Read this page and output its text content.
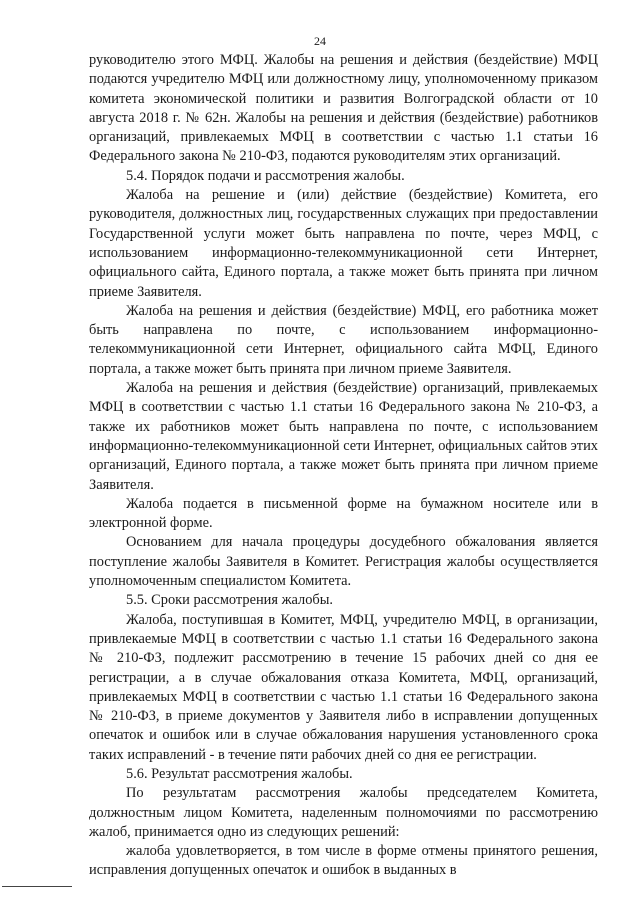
24

руководителю этого МФЦ. Жалобы на решения и действия (бездействие) МФЦ подаются учредителю МФЦ или должностному лицу, уполномоченному приказом комитета экономической политики и развития Волгоградской области от 10 августа 2018 г. № 62н. Жалобы на решения и действия (бездействие) работников организаций, привлекаемых МФЦ в соответствии с частью 1.1 статьи 16 Федерального закона № 210-ФЗ, подаются руководителям этих организаций.

5.4. Порядок подачи и рассмотрения жалобы.

Жалоба на решение и (или) действие (бездействие) Комитета, его руководителя, должностных лиц, государственных служащих при предоставлении Государственной услуги может быть направлена по почте, через МФЦ, с использованием информационно-телекоммуникационной сети Интернет, официального сайта, Единого портала, а также может быть принята при личном приеме Заявителя.

Жалоба на решения и действия (бездействие) МФЦ, его работника может быть направлена по почте, с использованием информационно-телекоммуникационной сети Интернет, официального сайта МФЦ, Единого портала, а также может быть принята при личном приеме Заявителя.

Жалоба на решения и действия (бездействие) организаций, привлекаемых МФЦ в соответствии с частью 1.1 статьи 16 Федерального закона № 210-ФЗ, а также их работников может быть направлена по почте, с использованием информационно-телекоммуникационной сети Интернет, официальных сайтов этих организаций, Единого портала, а также может быть принята при личном приеме Заявителя.

Жалоба подается в письменной форме на бумажном носителе или в электронной форме.

Основанием для начала процедуры досудебного обжалования является поступление жалобы Заявителя в Комитет. Регистрация жалобы осуществляется уполномоченным специалистом Комитета.

5.5. Сроки рассмотрения жалобы.

Жалоба, поступившая в Комитет, МФЦ, учредителю МФЦ, в организации, привлекаемые МФЦ в соответствии с частью 1.1 статьи 16 Федерального закона № 210-ФЗ, подлежит рассмотрению в течение 15 рабочих дней со дня ее регистрации, а в случае обжалования отказа Комитета, МФЦ, организаций, привлекаемых МФЦ в соответствии с частью 1.1 статьи 16 Федерального закона № 210-ФЗ, в приеме документов у Заявителя либо в исправлении допущенных опечаток и ошибок или в случае обжалования нарушения установленного срока таких исправлений - в течение пяти рабочих дней со дня ее регистрации.

5.6. Результат рассмотрения жалобы.

По результатам рассмотрения жалобы председателем Комитета, должностным лицом Комитета, наделенным полномочиями по рассмотрению жалоб, принимается одно из следующих решений:

жалоба удовлетворяется, в том числе в форме отмены принятого решения, исправления допущенных опечаток и ошибок в выданных в
